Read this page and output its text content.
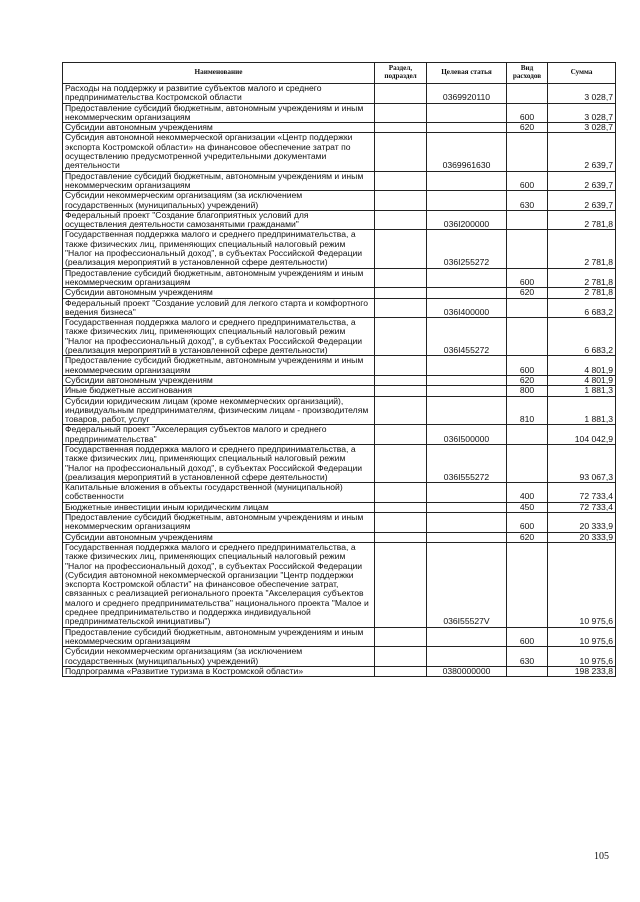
Наименование	Раздел, подраздел	Целевая статья	Вид расходов	Сумма
Расходы на поддержку и развитие субъектов малого и среднего предпринимательства Костромской области		0369920110		3 028,7
Предоставление субсидий бюджетным, автономным учреждениям и иным некоммерческим организациям			600	3 028,7
Субсидии автономным учреждениям			620	3 028,7
Субсидия автономной некоммерческой организации «Центр поддержки экспорта Костромской области» на финансовое обеспечение затрат по осуществлению предусмотренной учредительными документами деятельности		0369961630		2 639,7
Предоставление субсидий бюджетным, автономным учреждениям и иным некоммерческим организациям			600	2 639,7
Субсидии некоммерческим организациям (за исключением государственных (муниципальных) учреждений)			630	2 639,7
Федеральный проект "Создание благоприятных условий для осуществления деятельности самозанятыми гражданами"		036I200000		2 781,8
Государственная поддержка малого и среднего предпринимательства, а также физических лиц, применяющих специальный налоговый режим "Налог на профессиональный доход", в субъектах Российской Федерации (реализация мероприятий в установленной сфере деятельности)		036I255272		2 781,8
Предоставление субсидий бюджетным, автономным учреждениям и иным некоммерческим организациям			600	2 781,8
Субсидии автономным учреждениям			620	2 781,8
Федеральный проект "Создание условий для легкого старта и комфортного ведения бизнеса"		036I400000		6 683,2
Государственная поддержка малого и среднего предпринимательства, а также физических лиц, применяющих специальный налоговый режим "Налог на профессиональный доход", в субъектах Российской Федерации (реализация мероприятий в установленной сфере деятельности)		036I455272		6 683,2
Предоставление субсидий бюджетным, автономным учреждениям и иным некоммерческим организациям			600	4 801,9
Субсидии автономным учреждениям			620	4 801,9
Иные бюджетные ассигнования			800	1 881,3
Субсидии юридическим лицам (кроме некоммерческих организаций), индивидуальным предпринимателям, физическим лицам - производителям товаров, работ, услуг			810	1 881,3
Федеральный проект "Акселерация субъектов малого и среднего предпринимательства"		036I500000		104 042,9
Государственная поддержка малого и среднего предпринимательства, а также физических лиц, применяющих специальный налоговый режим "Налог на профессиональный доход", в субъектах Российской Федерации (реализация мероприятий в установленной сфере деятельности)		036I555272		93 067,3
Капитальные вложения в объекты государственной (муниципальной) собственности			400	72 733,4
Бюджетные инвестиции иным юридическим лицам			450	72 733,4
Предоставление субсидий бюджетным, автономным учреждениям и иным некоммерческим организациям			600	20 333,9
Субсидии автономным учреждениям			620	20 333,9
Государственная поддержка малого и среднего предпринимательства, а также физических лиц, применяющих специальный налоговый режим "Налог на профессиональный доход", в субъектах Российской Федерации (Субсидия автономной некоммерческой организации "Центр поддержки экспорта Костромской области" на финансовое обеспечение затрат, связанных с реализацией регионального проекта "Акселерация субъектов малого и среднего предпринимательства" национального проекта "Малое и среднее предпринимательство и поддержка индивидуальной предпринимательской инициативы")		036I55527V		10 975,6
Предоставление субсидий бюджетным, автономным учреждениям и иным некоммерческим организациям			600	10 975,6
Субсидии некоммерческим организациям (за исключением государственных (муниципальных) учреждений)			630	10 975,6
Подпрограмма «Развитие туризма в Костромской области»		0380000000		198 233,8
105
